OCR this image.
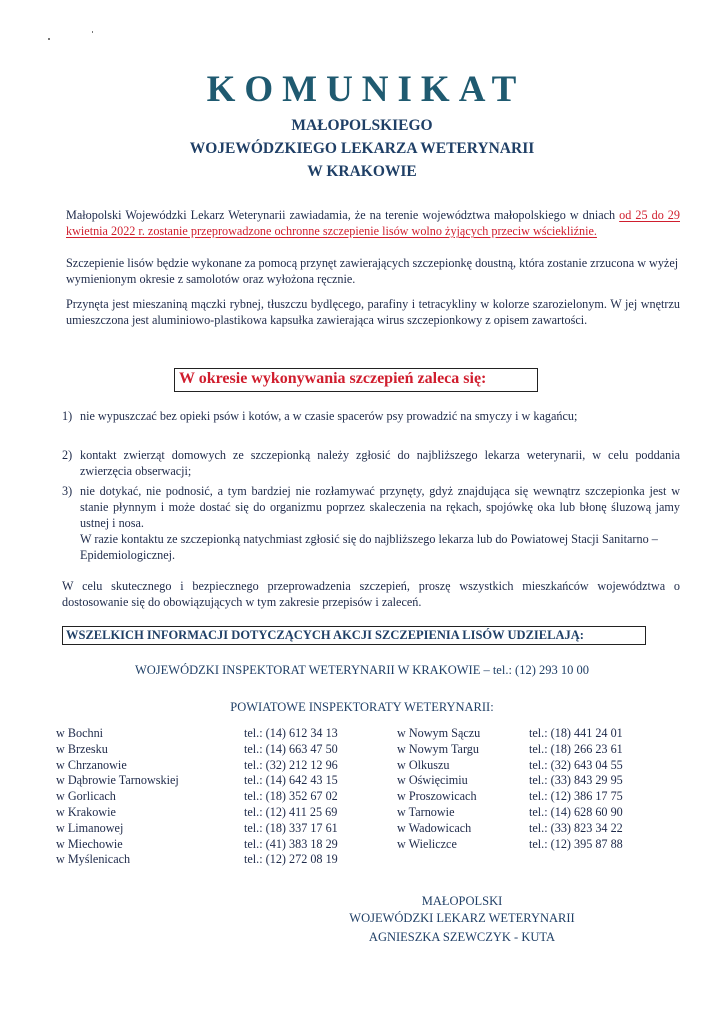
KOMUNIKAT
MAŁOPOLSKIEGO
WOJEWÓDZKIEGO LEKARZA WETERYNARII
W KRAKOWIE

Małopolski Wojewódzki Lekarz Weterynarii zawiadamia, że na terenie województwa małopolskiego w dniach od 25 do 29 kwietnia 2022 r. zostanie przeprowadzone ochronne szczepienie lisów wolno żyjących przeciw wściekliźnie.

Szczepienie lisów będzie wykonane za pomocą przynęt zawierających szczepionkę doustną, która zostanie zrzucona w wyżej wymienionym okresie z samolotów oraz wyłożona ręcznie.

Przynęta jest mieszaniną mączki rybnej, tłuszczu bydlęcego, parafiny i tetracykliny w kolorze szarozielonym. W jej wnętrzu umieszczona jest aluminiowo-plastikowa kapsułka zawierająca wirus szczepionkowy z opisem zawartości.

W okresie wykonywania szczepień zaleca się:
1) nie wypuszczać bez opieki psów i kotów, a w czasie spacerów psy prowadzić na smyczy i w kagańcu;
2) kontakt zwierząt domowych ze szczepionką należy zgłosić do najbliższego lekarza weterynarii, w celu poddania zwierzęcia obserwacji;
3) nie dotykać, nie podnosić, a tym bardziej nie rozłamywać przynęty, gdyż znajdująca się wewnątrz szczepionka jest w stanie płynnym i może dostać się do organizmu poprzez skaleczenia na rękach, spojówkę oka lub błonę śluzową jamy ustnej i nosa.
W razie kontaktu ze szczepionką natychmiast zgłosić się do najbliższego lekarza lub do Powiatowej Stacji Sanitarno – Epidemiologicznej.

W celu skutecznego i bezpiecznego przeprowadzenia szczepień, proszę wszystkich mieszkańców województwa o dostosowanie się do obowiązujących w tym zakresie przepisów i zaleceń.

WSZELKICH INFORMACJI DOTYCZĄCYCH AKCJI SZCZEPIENIA LISÓW UDZIELAJĄ:
WOJEWÓDZKI INSPEKTORAT WETERYNARII W KRAKOWIE – tel.: (12) 293 10 00
POWIATOWE INSPEKTORATY WETERYNARII:
w Bochni	tel.: (14) 612 34 13
w Brzesku	tel.: (14) 663 47 50
w Chrzanowie	tel.: (32) 212 12 96
w Dąbrowie Tarnowskiej	tel.: (14) 642 43 15
w Gorlicach	tel.: (18) 352 67 02
w Krakowie	tel.: (12) 411 25 69
w Limanowej	tel.: (18) 337 17 61
w Miechowie	tel.: (41) 383 18 29
w Myślenicach	tel.: (12) 272 08 19
w Nowym Sączu	tel.: (18) 441 24 01
w Nowym Targu	tel.: (18) 266 23 61
w Olkuszu	tel.: (32) 643 04 55
w Oświęcimiu	tel.: (33) 843 29 95
w Proszowicach	tel.: (12) 386 17 75
w Tarnowie	tel.: (14) 628 60 90
w Wadowicach	tel.: (33) 823 34 22
w Wieliczce	tel.: (12) 395 87 88
MAŁOPOLSKI
WOJEWÓDZKI LEKARZ WETERYNARII
AGNIESZKA SZEWCZYK - KUTA
